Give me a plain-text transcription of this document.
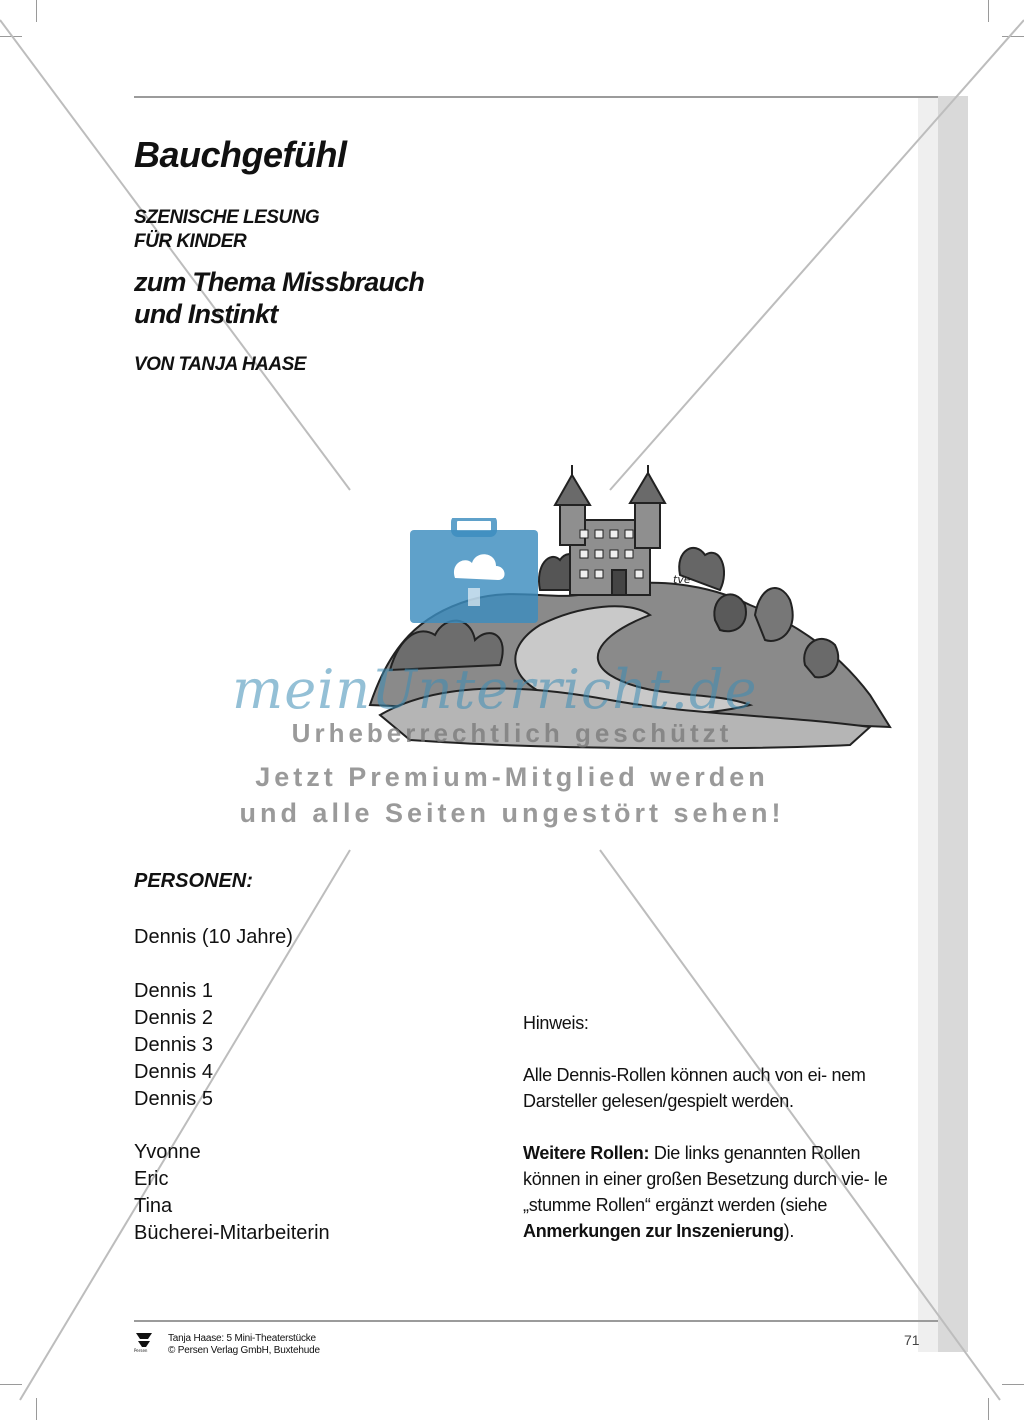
Bauchgefühl
SZENISCHE LESUNG
FÜR KINDER
zum Thema Missbrauch
und Instinkt
VON TANJA HAASE
tve
meinUnterricht.de
Urheberrechtlich geschützt
Jetzt Premium-Mitglied werden
und alle Seiten ungestört sehen!
PERSONEN:
Dennis (10 Jahre)
Dennis 1
Dennis 2
Dennis 3
Dennis 4
Dennis 5
Yvonne
Eric
Tina
Bücherei-Mitarbeiterin
Hinweis:
Alle Dennis-Rollen können auch von ei- nem Darsteller gelesen/gespielt werden.
Weitere Rollen: Die links genannten Rollen können in einer großen Besetzung durch vie- le „stumme Rollen“ ergänzt werden (siehe Anmerkungen zur Inszenierung).
Persen
Tanja Haase: 5 Mini-Theaterstücke
© Persen Verlag GmbH, Buxtehude
71
